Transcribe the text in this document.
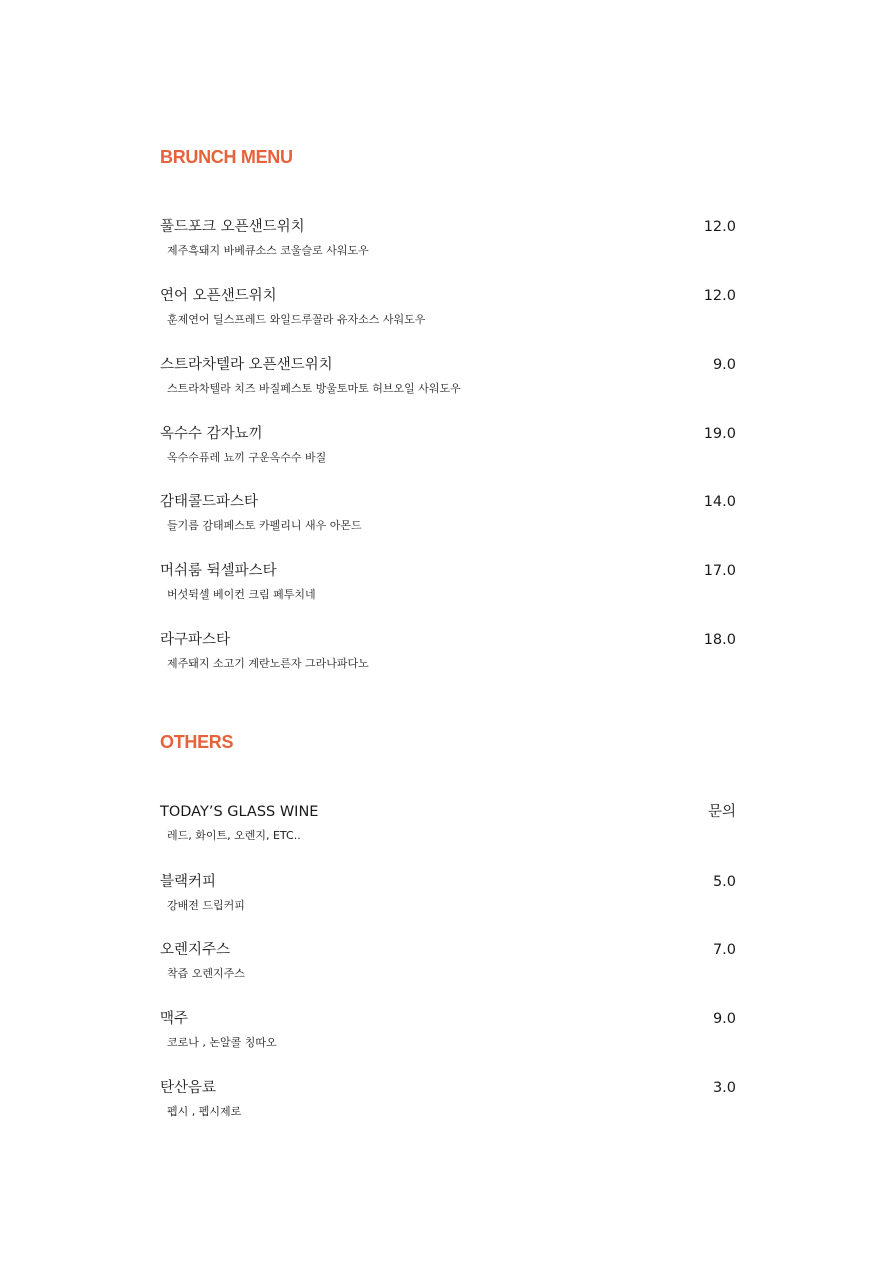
BRUNCH MENU
풀드포크 오픈샌드위치	12.0
제주흑돼지 바베큐소스 코울슬로 사워도우
연어 오픈샌드위치	12.0
훈제연어 딜스프레드 와일드루꼴라 유자소스 사워도우
스트라차텔라 오픈샌드위치	9.0
스트라차텔라 치즈 바질페스토 방울토마토 허브오일 사워도우
옥수수 감자뇨끼	19.0
옥수수퓨레 뇨끼 구운옥수수 바질
감태콜드파스타	14.0
들기름 감태페스토 카펠리니 새우 아몬드
머쉬룸 뒥셀파스타	17.0
버섯뒥셀 베이컨 크림 페투치네
라구파스타	18.0
제주돼지 소고기 계란노른자 그라나파다노
OTHERS
TODAY’S GLASS WINE	문의
레드, 화이트, 오렌지, ETC..
블랙커피	5.0
강배전 드립커피
오렌지주스	7.0
착즙 오렌지주스
맥주	9.0
코로나 , 논알콜 칭따오
탄산음료	3.0
펩시 , 펩시제로
